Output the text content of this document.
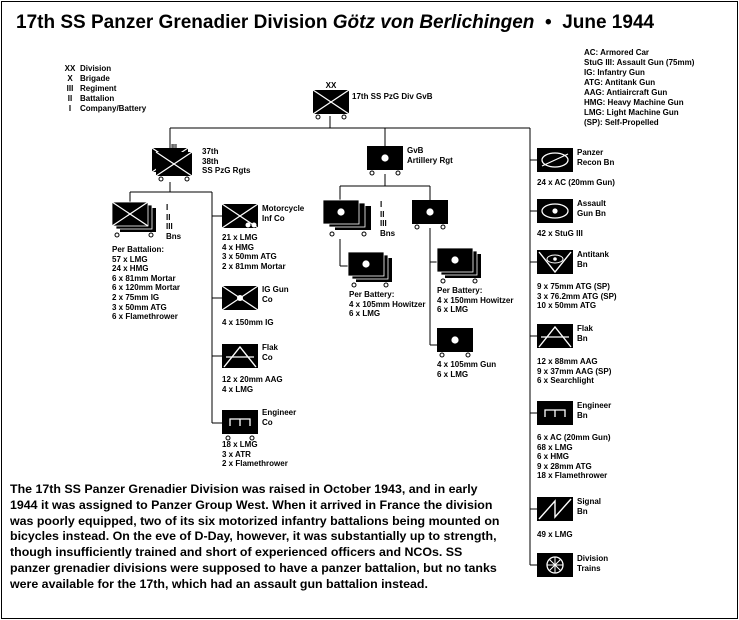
17th SS Panzer Grenadier Division Götz von Berlichingen • June 1944
XX Division
X Brigade
III Regiment
II Battalion
I	Company/Battery
AC: Armored Car
StuG III: Assault Gun (75mm)
IG: Infantry Gun
ATG: Antitank Gun
AAG: Antiaircraft Gun
HMG: Heavy Machine Gun
LMG: Light Machine Gun
(SP): Self-Propelled
XX
III
17th SS PzG Div GvB
37th
38th
SS PzG Rgts
I
II
III
Bns
Per Battalion:
57 x LMG
24 x HMG
6 x 81mm Mortar
6 x 120mm Mortar
2 x 75mm IG
3 x 50mm ATG
6 x Flamethrower
Motorcycle
Inf Co
21 x LMG
4 x HMG
3 x 50mm ATG
2 x 81mm Mortar
IG Gun
Co
4 x 150mm IG
Flak
Co
12 x 20mm AAG
4 x LMG
Engineer
Co
18 x LMG
3 x ATR
2 x Flamethrower
GvB
Artillery Rgt
I
II
III
Bns
Per Battery:
4 x 105mm Howitzer
6 x LMG
Per Battery:
4 x 150mm Howitzer
6 x LMG
4 x 105mm Gun
6 x LMG
Panzer
Recon Bn
24 x AC (20mm Gun)
Assault
Gun Bn
42 x StuG III
Antitank
Bn
9 x 75mm ATG (SP)
3 x 76.2mm ATG (SP)
10 x 50mm ATG
Flak
Bn
12 x 88mm AAG
9 x 37mm AAG (SP)
6 x Searchlight
Engineer
Bn
6 x AC (20mm Gun)
68 x LMG
6 x HMG
9 x 28mm ATG
18 x Flamethrower
Signal
Bn
49 x LMG
Division
Trains
The 17th SS Panzer Grenadier Division was raised in October 1943, and in early 1944 it was assigned to Panzer Group West. When it arrived in France the division was poorly equipped, two of its six motorized infantry battalions being mounted on bicycles instead. On the eve of D-Day, however, it was substantially up to strength, though insufficiently trained and short of experienced officers and NCOs. SS panzer grenadier divisions were supposed to have a panzer battalion, but no tanks were available for the 17th, which had an assault gun battalion instead.
